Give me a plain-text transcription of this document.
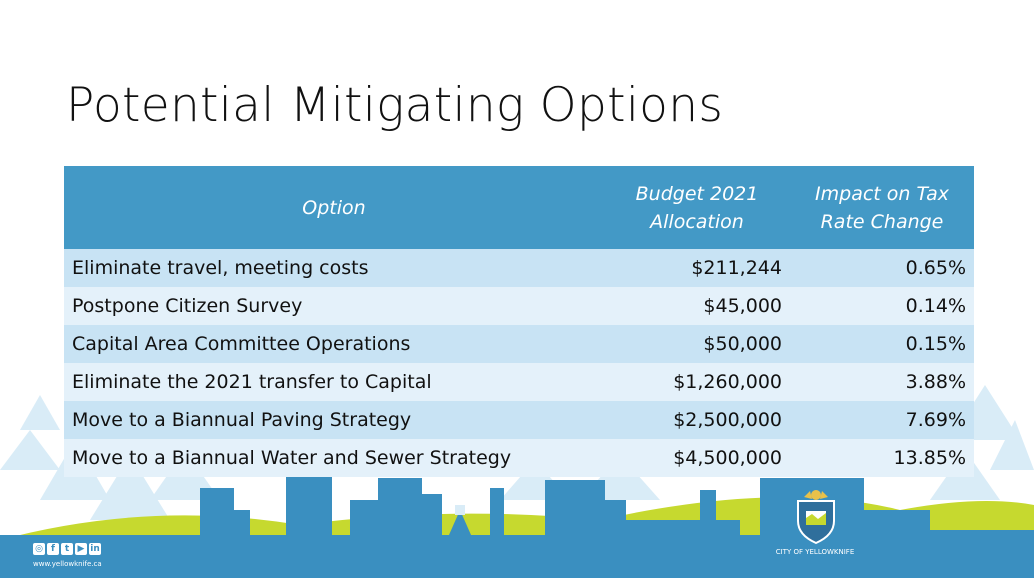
Potential Mitigating Options
Option	Budget 2021 Allocation	Impact on Tax Rate Change
Eliminate travel, meeting costs	$211,244	0.65%
Postpone Citizen Survey	$45,000	0.14%
Capital Area Committee Operations	$50,000	0.15%
Eliminate the 2021 transfer to Capital	$1,260,000	3.88%
Move to a Biannual Paving Strategy	$2,500,000	7.69%
Move to a Biannual Water and Sewer Strategy	$4,500,000	13.85%
◎ f	t ▶ in
www.yellowknife.ca
CITY OF YELLOWKNIFE
